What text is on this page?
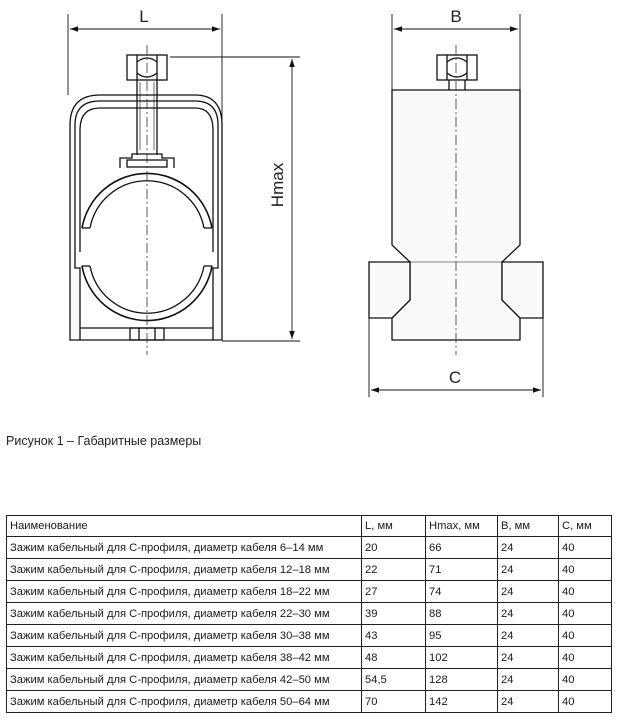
L
Hmax
B
C
Рисунок 1 – Габаритные размеры
Наименование	L, мм	Hmax, мм	B, мм	C, мм
Зажим кабельный для С-профиля, диаметр кабеля 6–14 мм	20	66	24	40
Зажим кабельный для С-профиля, диаметр кабеля 12–18 мм	22	71	24	40
Зажим кабельный для С-профиля, диаметр кабеля 18–22 мм	27	74	24	40
Зажим кабельный для С-профиля, диаметр кабеля 22–30 мм	39	88	24	40
Зажим кабельный для С-профиля, диаметр кабеля 30–38 мм	43	95	24	40
Зажим кабельный для С-профиля, диаметр кабеля 38–42 мм	48	102	24	40
Зажим кабельный для С-профиля, диаметр кабеля 42–50 мм	54,5	128	24	40
Зажим кабельный для С-профиля, диаметр кабеля 50–64 мм	70	142	24	40
